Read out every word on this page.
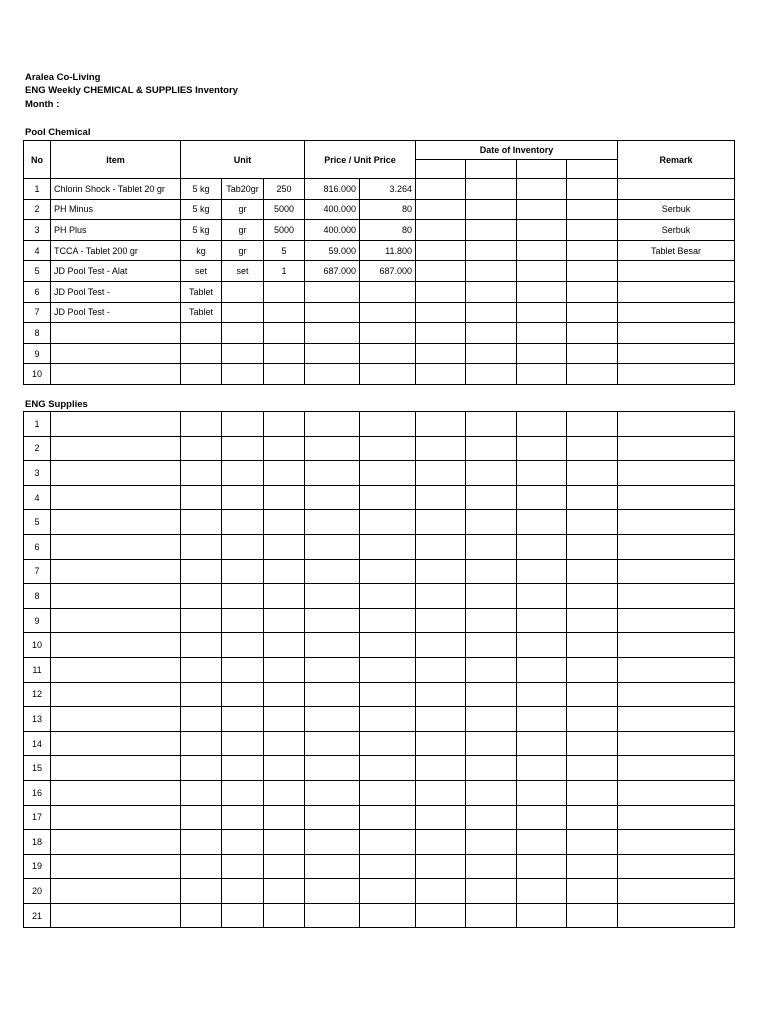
Aralea Co-Living
ENG Weekly CHEMICAL & SUPPLIES Inventory
Month :
Pool Chemical
No	Item	Unit			Price / Unit Price		Date of Inventory				Remark

1	Chlorin Shock - Tablet 20 gr	5 kg	Tab20gr	250	816.000	3.264					
2	PH Minus	5 kg	gr	5000	400.000	80					Serbuk
3	PH Plus	5 kg	gr	5000	400.000	80					Serbuk
4	TCCA - Tablet 200 gr	kg	gr	5	59.000	11.800					Tablet Besar
5	JD Pool Test - Alat	set	set	1	687.000	687.000					
6	JD Pool Test -	Tablet									
7	JD Pool Test -	Tablet									
8											
9											
10											
ENG Supplies
1											
2											
3											
4											
5											
6											
7											
8											
9											
10											
11											
12											
13											
14											
15											
16											
17											
18											
19											
20											
21											
